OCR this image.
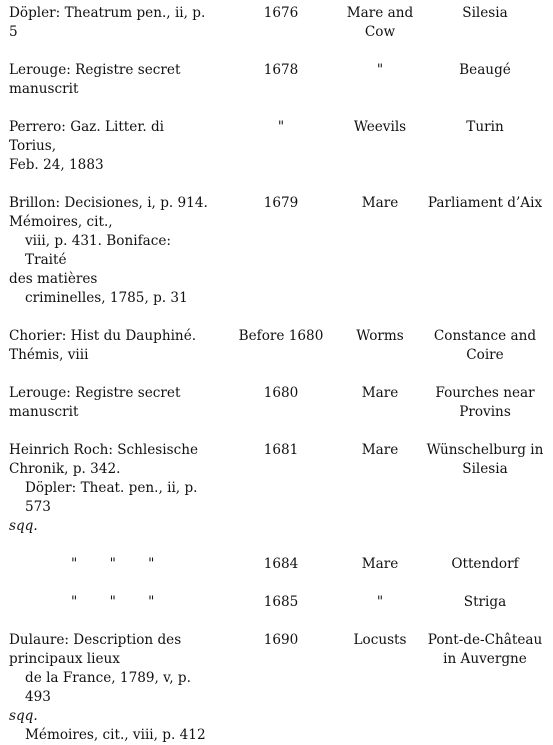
Döpler: Theatrum pen., ii, p. 5	1676	Mare and Cow	Silesia

Lerouge: Registre secret
manuscrit	1678	"	Beaugé

Perrero: Gaz. Litter. di Torius,
Feb. 24, 1883	"	Weevils	Turin

Brillon: Decisiones, i, p. 914.
Mémoires, cit.,
viii, p. 431. Boniface: Traité
des matières
criminelles, 1785, p. 31	1679	Mare	Parliament d’Aix

Chorier: Hist du Dauphiné.
Thémis, viii	Before 1680	Worms	Constance and Coire

Lerouge: Registre secret
manuscrit	1680	Mare	Fourches near Provins

Heinrich Roch: Schlesische
Chronik, p. 342.
Döpler: Theat. pen., ii, p. 573
sqq.	1681	Mare	Wünschelburg in Silesia

" " "	1684	Mare	Ottendorf

" " "	1685	"	Striga

Dulaure: Description des
principaux lieux
de la France, 1789, v, p. 493
sqq.
Mémoires, cit., viii, p. 412	1690	Locusts	Pont-de-Château in Auvergne
